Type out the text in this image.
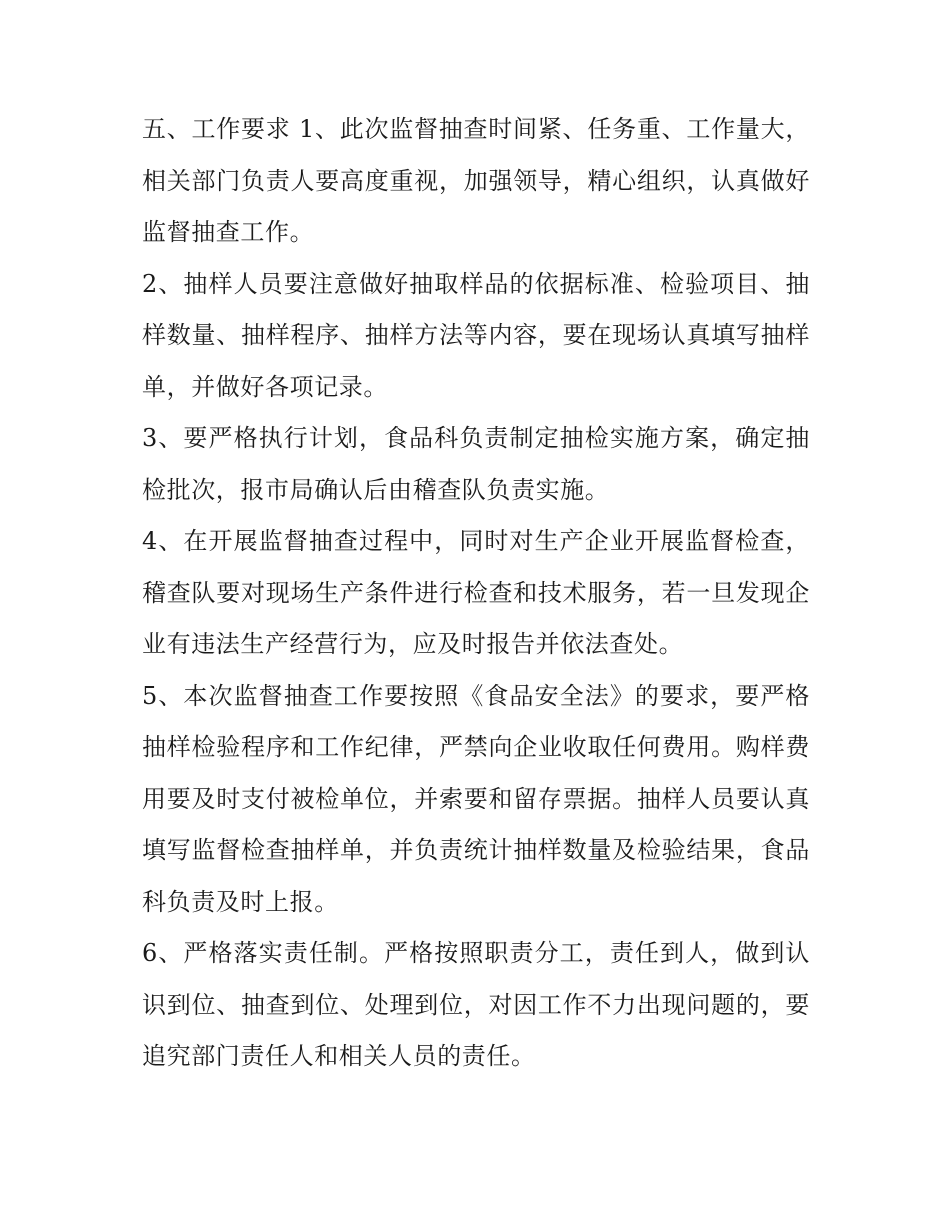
五、工作要求 1、此次监督抽查时间紧、任务重、工作量大，相关部门负责人要高度重视，加强领导，精心组织，认真做好监督抽查工作。

2、抽样人员要注意做好抽取样品的依据标准、检验项目、抽样数量、抽样程序、抽样方法等内容，要在现场认真填写抽样单，并做好各项记录。

3、要严格执行计划，食品科负责制定抽检实施方案，确定抽检批次，报市局确认后由稽查队负责实施。

4、在开展监督抽查过程中，同时对生产企业开展监督检查，稽查队要对现场生产条件进行检查和技术服务，若一旦发现企业有违法生产经营行为，应及时报告并依法查处。

5、本次监督抽查工作要按照《食品安全法》的要求，要严格抽样检验程序和工作纪律，严禁向企业收取任何费用。购样费用要及时支付被检单位，并索要和留存票据。抽样人员要认真填写监督检查抽样单，并负责统计抽样数量及检验结果，食品科负责及时上报。

6、严格落实责任制。严格按照职责分工，责任到人，做到认识到位、抽查到位、处理到位，对因工作不力出现问题的，要追究部门责任人和相关人员的责任。
